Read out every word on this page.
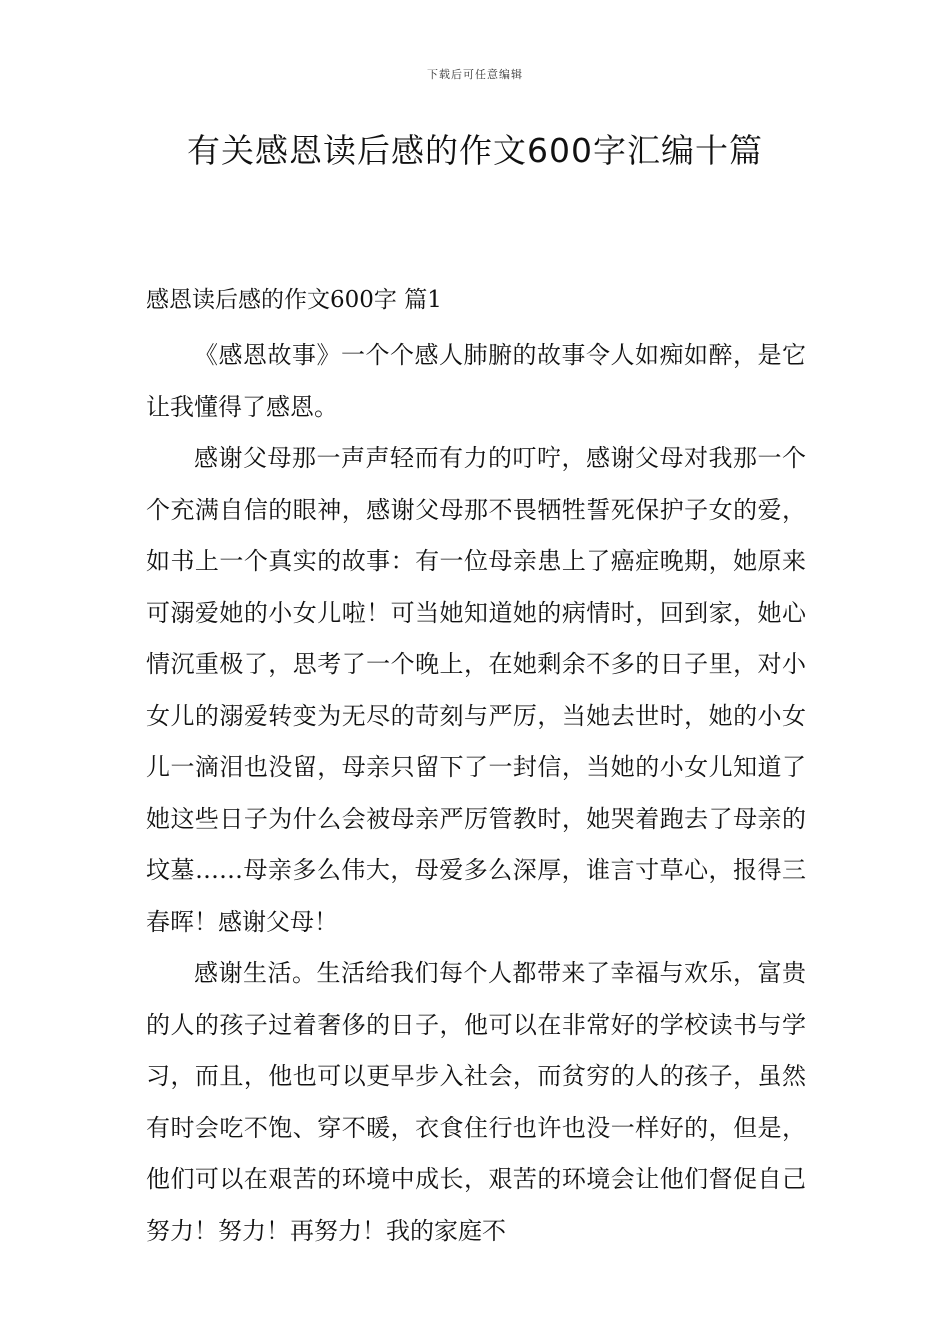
下载后可任意编辑
有关感恩读后感的作文600字汇编十篇
感恩读后感的作文600字 篇1

《感恩故事》一个个感人肺腑的故事令人如痴如醉，是它让我懂得了感恩。

感谢父母那一声声轻而有力的叮咛，感谢父母对我那一个个充满自信的眼神，感谢父母那不畏牺牲誓死保护子女的爱，如书上一个真实的故事：有一位母亲患上了癌症晚期，她原来可溺爱她的小女儿啦！可当她知道她的病情时，回到家，她心情沉重极了，思考了一个晚上，在她剩余不多的日子里，对小女儿的溺爱转变为无尽的苛刻与严厉，当她去世时，她的小女儿一滴泪也没留，母亲只留下了一封信，当她的小女儿知道了她这些日子为什么会被母亲严厉管教时，她哭着跑去了母亲的坟墓……母亲多么伟大，母爱多么深厚，谁言寸草心，报得三春晖！感谢父母！

感谢生活。生活给我们每个人都带来了幸福与欢乐，富贵的人的孩子过着奢侈的日子，他可以在非常好的学校读书与学习，而且，他也可以更早步入社会，而贫穷的人的孩子，虽然有时会吃不饱、穿不暖，衣食住行也许也没一样好的，但是，他们可以在艰苦的环境中成长，艰苦的环境会让他们督促自己努力！努力！再努力！我的家庭不
